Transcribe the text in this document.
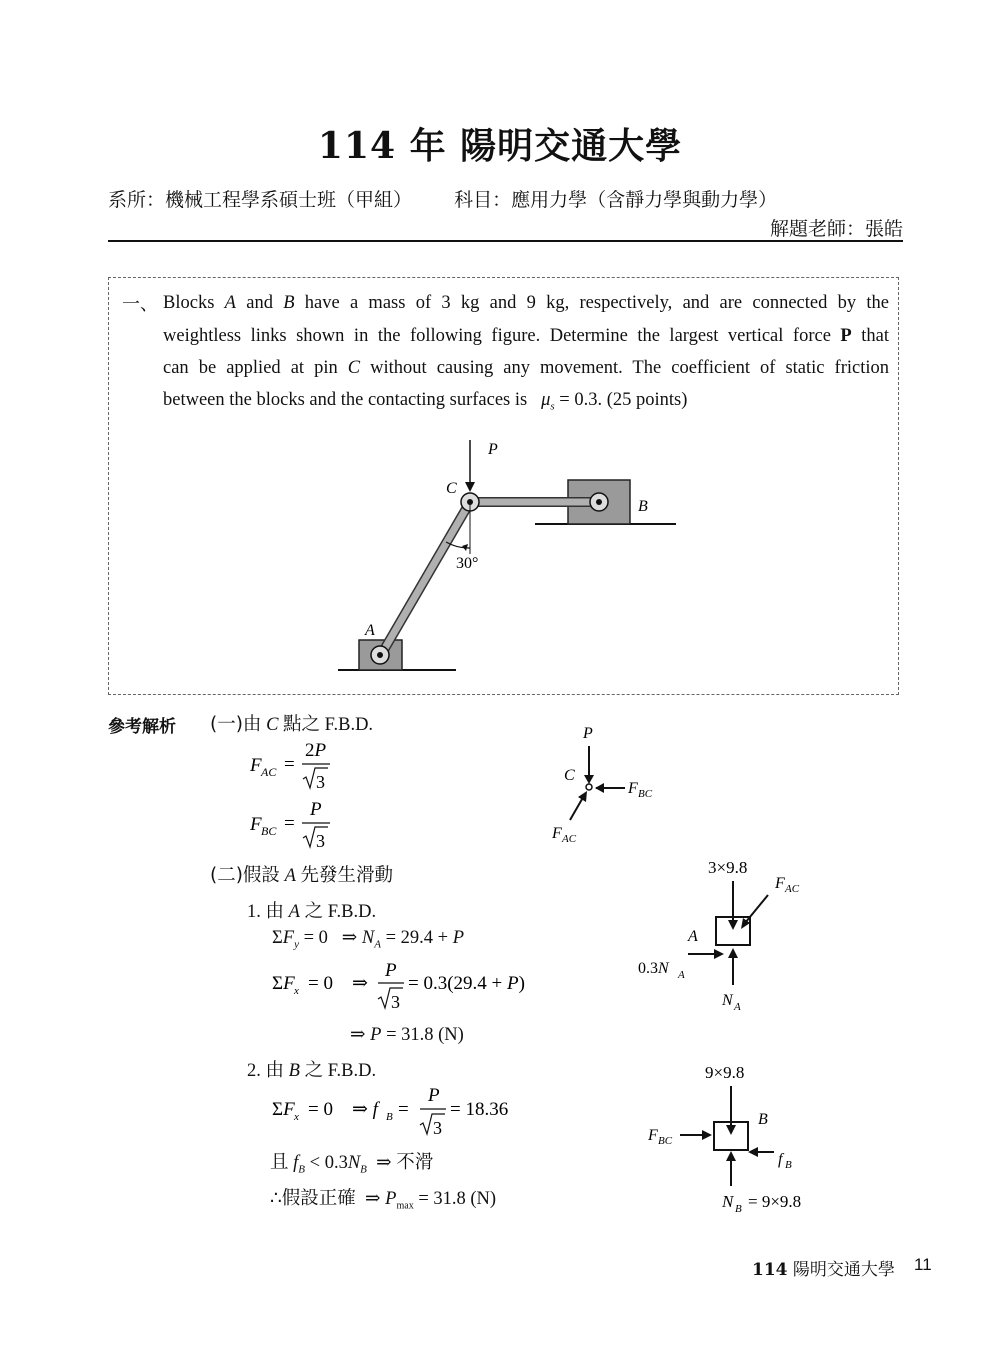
114 年 陽明交通大學
系所：機械工程學系碩士班（甲組） 科目：應用力學（含靜力學與動力學）
解題老師：張皓
一、 Blocks A and B have a mass of 3 kg and 9 kg, respectively, and are connected by the
weightless links shown in the following figure. Determine the largest vertical force P that
can be applied at pin C without causing any movement. The coefficient of static friction
between the blocks and the contacting surfaces is   $\mu_s = 0.3$. (25 points)
P
C
B
A
30°
參考解析 (一)由 C 點之 F.B.D.
F AC =
2P
3
F BC =
P
3
P
C
F BC
F AC
(二)假設 A 先發生滑動
1. 由 A 之 F.B.D.
$\Sigma F_y = 0$   ⇒ $N_A = 29.4 + P$
ΣF x = 0 ⇒
P
3
= 0.3(29.4 + P)
⇒ P = 31.8 (N)
3×9.8
F AC
A
0.3N A
N A
2. 由 B 之 F.B.D.
ΣF x = 0 ⇒ f B =
P
3
= 18.36
且 $f_B < 0.3N_B$  ⇒ 不滑
∴假設正確  ⇒ $P_{max} = 31.8$ (N)
9×9.8
B
F BC
f B
N B = 9×9.8
114 陽明交通大學 11
